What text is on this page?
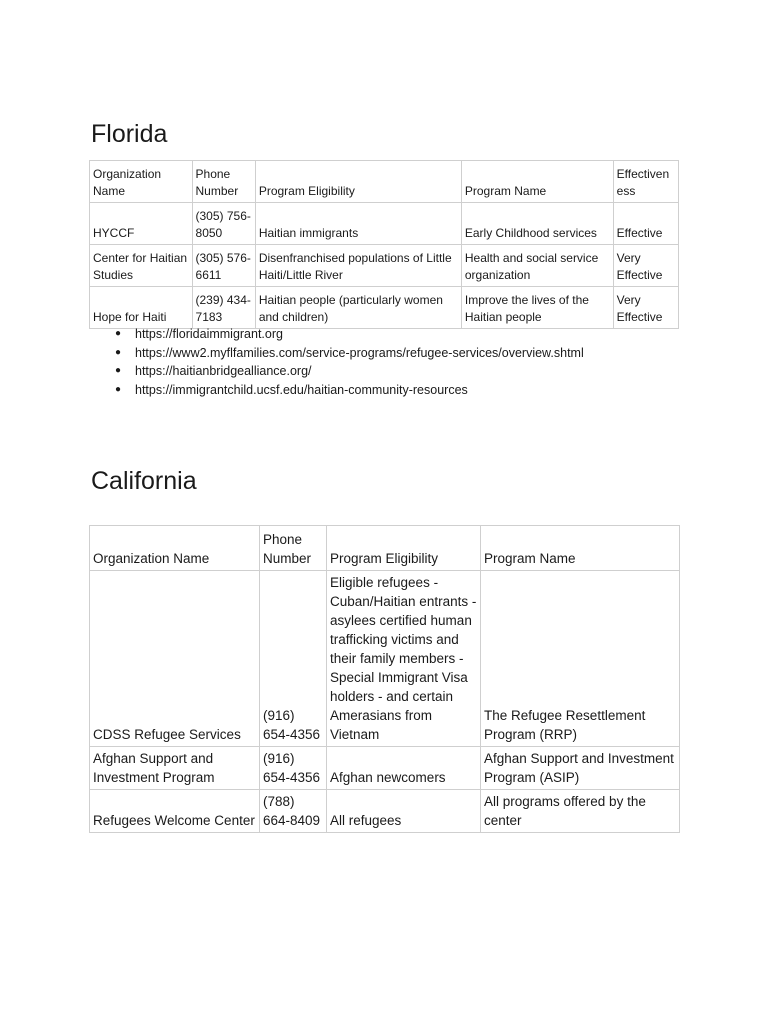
Florida
Organization Name	Phone Number	Program Eligibility	Program Name	Effectiven
ess
HYCCF	(305) 756-8050	Haitian immigrants	Early Childhood services	Effective
Center for Haitian Studies	(305) 576-6611	Disenfranchised populations of Little Haiti/Little River	Health and social service organization	Very Effective
Hope for Haiti	(239) 434-7183	Haitian people (particularly women and children)	Improve the lives of the Haitian people	Very Effective
● https://floridaimmigrant.org
● https://www2.myflfamilies.com/service-programs/refugee-services/overview.shtml
● https://haitianbridgealliance.org/
● https://immigrantchild.ucsf.edu/haitian-community-resources
California
Organization Name	Phone Number	Program Eligibility	Program Name
CDSS Refugee Services	(916) 654-4356	Eligible refugees - Cuban/Haitian entrants - asylees certified human trafficking victims and their family members - Special Immigrant Visa holders - and certain Amerasians from Vietnam	The Refugee Resettlement Program (RRP)
Afghan Support and Investment Program	(916) 654-4356	Afghan newcomers	Afghan Support and Investment Program (ASIP)
Refugees Welcome Center	(788) 664-8409	All refugees	All programs offered by the center
